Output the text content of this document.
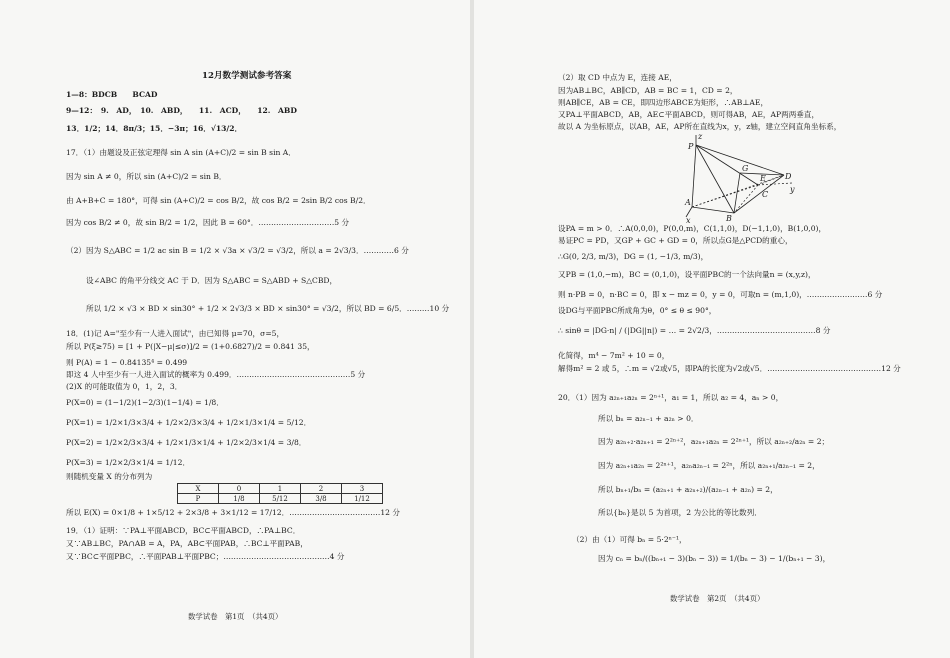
12月数学测试参考答案
1—8：BDCB　　BCAD
9—12：　9.　AD，　10.　ABD，　　11.　ACD，　　12.　ABD
13．1/2；14．8π/3；15．−3π；16．√13/2．
17．（1）由题设及正弦定理得 sin A sin (A+C)/2 = sin B sin A．
因为 sin A ≠ 0，所以 sin (A+C)/2 = sin B．
由 A+B+C = 180°，可得 sin (A+C)/2 = cos B/2，故 cos B/2 = 2sin B/2 cos B/2．
因为 cos B/2 ≠ 0，故 sin B/2 = 1/2，因此 B = 60°．…………………………5 分
（2）因为 S△ABC = 1/2 ac sin B = 1/2 × √3a × √3/2 = √3/2，所以 a = 2√3/3．…………6 分
设∠ABC 的角平分线交 AC 于 D．因为 S△ABC = S△ABD + S△CBD，
所以 1/2 × √3 × BD × sin30° + 1/2 × 2√3/3 × BD × sin30° = √3/2，所以 BD = 6/5．………10 分
18．(1)记 A="至少有一人进入面试"，由已知得 μ=70，σ=5，
所以 P(ξ≥75) = [1 + P(|X−μ|≤σ)]/2 = (1+0.6827)/2 = 0.841 35，
则 P(A) = 1 − 0.84135⁴ = 0.499
即这 4 人中至少有一人进入面试的概率为 0.499．………………………………………5 分
(2)X 的可能取值为 0，1，2，3．
P(X=0) = (1−1/2)(1−2/3)(1−1/4) = 1/8．
P(X=1) = 1/2×1/3×3/4 + 1/2×2/3×3/4 + 1/2×1/3×1/4 = 5/12．
P(X=2) = 1/2×2/3×3/4 + 1/2×1/3×1/4 + 1/2×2/3×1/4 = 3/8．
P(X=3) = 1/2×2/3×1/4 = 1/12．
则随机变量 X 的分布列为
X	0	1	2	3
P	1/8	5/12	3/8	1/12
所以 E(X) = 0×1/8 + 1×5/12 + 2×3/8 + 3×1/12 = 17/12．………………………………12 分
19．（1）证明：∵PA⊥平面ABCD，BC⊂平面ABCD，∴PA⊥BC．
又∵AB⊥BC，PA∩AB = A，PA，AB⊂平面PAB，∴BC⊥平面PAB，
又∵BC⊂平面PBC，∴平面PAB⊥平面PBC；……………………………………4 分
数学试卷　第1页　（共4页）
（2）取 CD 中点为 E，连接 AE，
因为AB⊥BC，AB∥CD，AB = BC = 1，CD = 2，
则AB∥CE，AB = CE，即四边形ABCE为矩形，∴AB⊥AE，
又PA⊥平面ABCD，AB，AE⊂平面ABCD，则可得AB，AE，AP两两垂直，
故以 A 为坐标原点，以AB，AE，AP所在直线为x，y，z轴，建立空间直角坐标系，
设PA = m > 0．∴A(0,0,0)，P(0,0,m)，C(1,1,0)，D(−1,1,0)，B(1,0,0)，
易证PC = PD，又GP + GC + GD = 0，所以点G是△PCD的重心，
∴G(0, 2/3, m/3)，DG = (1, −1/3, m/3)，
又PB = (1,0,−m)，BC = (0,1,0)，设平面PBC的一个法向量n = (x,y,z)，
则 n·PB = 0，n·BC = 0，即 x − mz = 0，y = 0，可取n = (m,1,0)，……………………6 分
设DG与平面PBC所成角为θ，0° ≤ θ ≤ 90°，
∴ sinθ = |DG·n| / (|DG||n|) = … = 2√2/3，…………………………………8 分
化简得，m⁴ − 7m² + 10 = 0，
解得m² = 2 或 5，∴m = √2或√5，即PA的长度为√2或√5．………………………………………12 分
20．（1）因为 a₂ₙ₊₁a₂ₙ = 2ⁿ⁺¹，a₁ = 1，所以 a₂ = 4，aₙ > 0，
所以 bₙ = a₂ₙ₋₁ + a₂ₙ > 0．
因为 a₂ₙ₊₂·a₂ₙ₊₁ = 2²ⁿ⁺²，a₂ₙ₊₁a₂ₙ = 2²ⁿ⁺¹，所以 a₂ₙ₊₂/a₂ₙ = 2；
因为 a₂ₙ₊₁a₂ₙ = 2²ⁿ⁺¹，a₂ₙa₂ₙ₋₁ = 2²ⁿ，所以 a₂ₙ₊₁/a₂ₙ₋₁ = 2，
所以 bₙ₊₁/bₙ = (a₂ₙ₊₁ + a₂ₙ₊₂)/(a₂ₙ₋₁ + a₂ₙ) = 2，
所以{bₙ}是以 5 为首项，2 为公比的等比数列．
（2）由（1）可得 bₙ = 5·2ⁿ⁻¹，
因为 cₙ = bₙ/((bₙ₊₁ − 3)(bₙ − 3)) = 1/(bₙ − 3) − 1/(bₙ₊₁ − 3)，
数学试卷　第2页　（共4页）
z
P
G
A
D
y
B
C
E
x
